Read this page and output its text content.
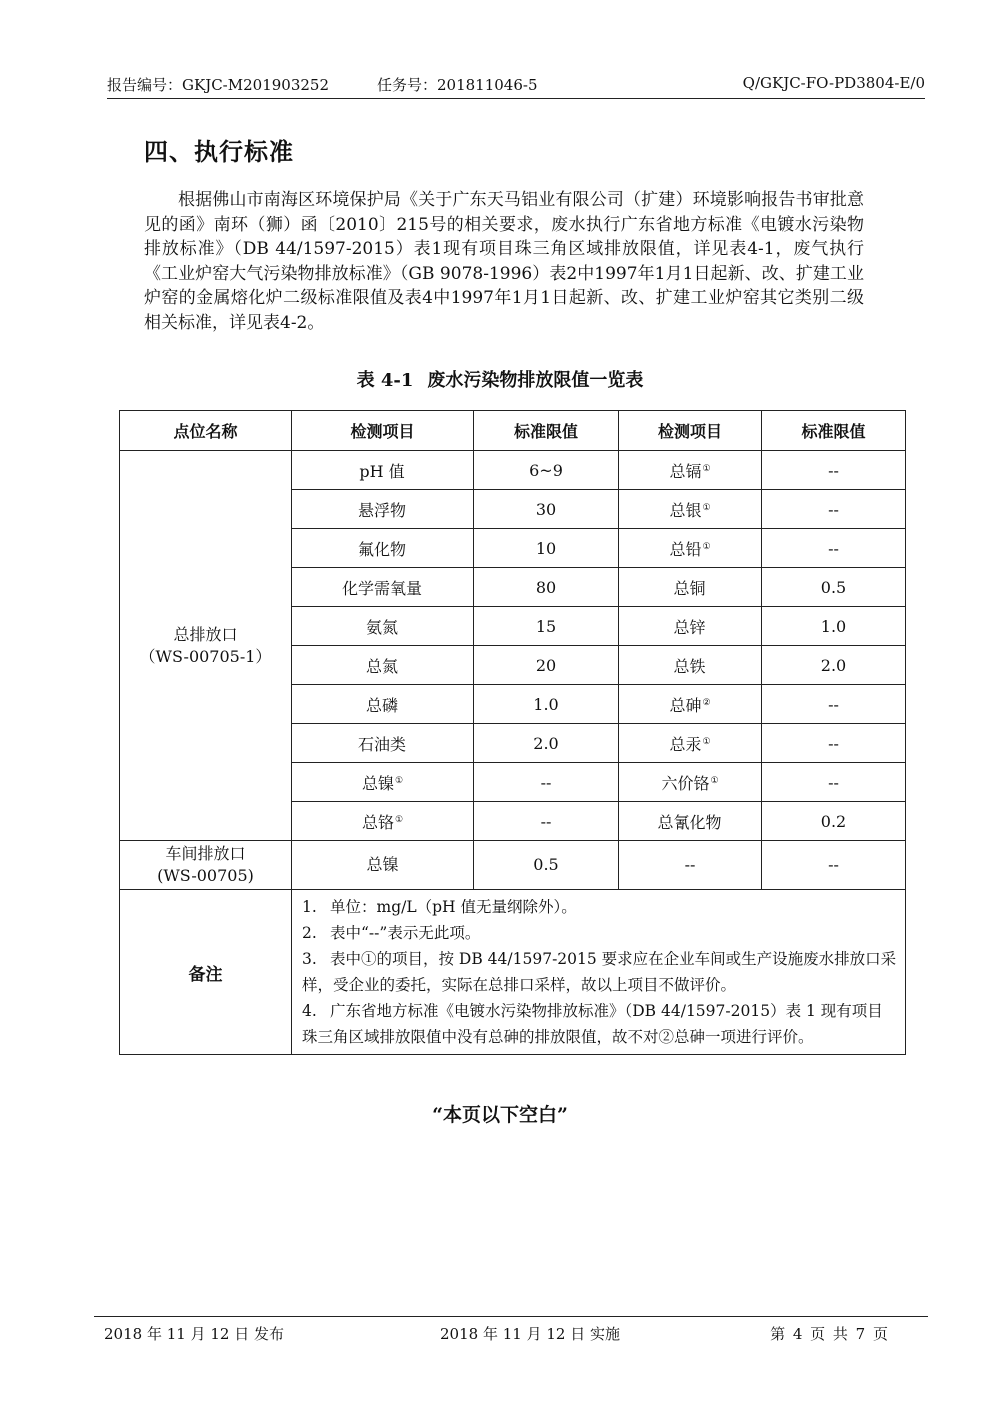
报告编号：GKJC-M201903252	任务号：201811046-5	Q/GKJC-FO-PD3804-E/0
四、执行标准

根据佛山市南海区环境保护局《关于广东天马铝业有限公司（扩建）环境影响报告书审批意见的函》南环（狮）函〔2010〕215号的相关要求，废水执行广东省地方标准《电镀水污染物排放标准》（DB 44/1597-2015）表1现有项目珠三角区域排放限值，详见表4-1，废气执行《工业炉窑大气污染物排放标准》（GB 9078-1996）表2中1997年1月1日起新、改、扩建工业炉窑的金属熔化炉二级标准限值及表4中1997年1月1日起新、改、扩建工业炉窑其它类别二级相关标准，详见表4-2。

表 4-1 废水污染物排放限值一览表
点位名称	检测项目	标准限值	检测项目	标准限值

总排放口
（WS-00705-1）	pH 值	6~9	总镉①	--
	悬浮物	30	总银①	--
	氟化物	10	总铅①	--
	化学需氧量	80	总铜	0.5
	氨氮	15	总锌	1.0
	总氮	20	总铁	2.0
	总磷	1.0	总砷②	--
	石油类	2.0	总汞①	--
	总镍①	--	六价铬①	--
	总铬①	--	总氰化物	0.2

车间排放口
(WS-00705)	总镍	0.5	--	--
备注	1. 单位：mg/L（pH 值无量纲除外）。
2. 表中“--”表示无此项。
3. 表中①的项目，按 DB 44/1597-2015 要求应在企业车间或生产设施废水排放口采样，受企业的委托，实际在总排口采样，故以上项目不做评价。
4. 广东省地方标准《电镀水污染物排放标准》（DB 44/1597-2015）表 1 现有项目珠三角区域排放限值中没有总砷的排放限值，故不对②总砷一项进行评价。			
“本页以下空白”
2018 年 11 月 12 日 发布	2018 年 11 月 12 日 实施	第 4 页 共 7 页
